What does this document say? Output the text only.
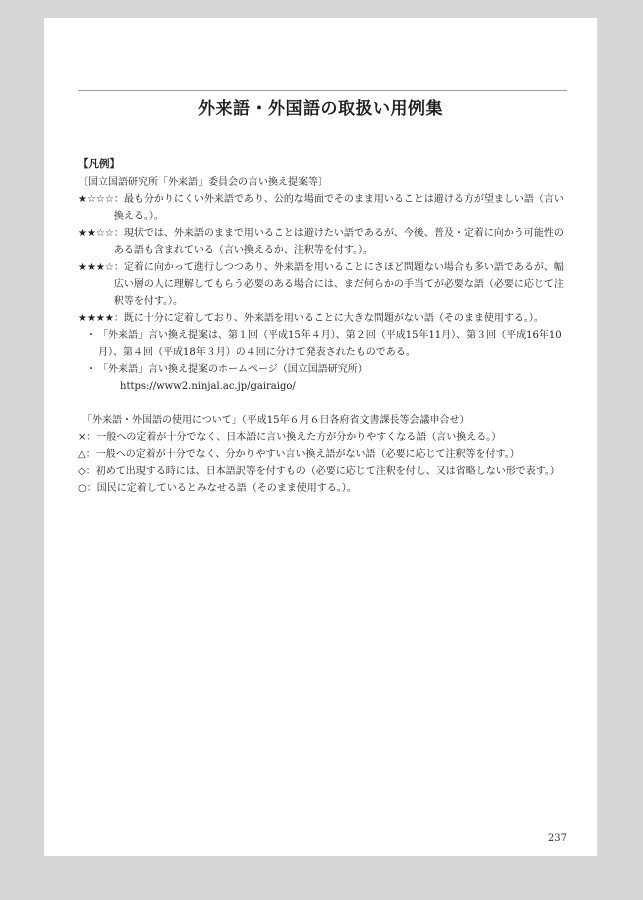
外来語・外国語の取扱い用例集
【凡例】
〔国立国語研究所「外来語」委員会の言い換え提案等〕
★☆☆☆ ：最も分かりにくい外来語であり、公的な場面でそのまま用いることは避ける方が望ましい語（言い換える。）。
★★☆☆ ：現状では、外来語のままで用いることは避けたい語であるが、今後、普及・定着に向かう可能性のある語も含まれている（言い換えるか、注釈等を付す。）。
★★★☆ ：定着に向かって進行しつつあり、外来語を用いることにさほど問題ない場合も多い語であるが、幅広い層の人に理解してもらう必要のある場合には、まだ何らかの手当てが必要な語（必要に応じて注釈等を付す。）。
★★★★ ：既に十分に定着しており、外来語を用いることに大きな問題がない語（そのまま使用する。）。
・ 「外来語」言い換え提案は、第１回（平成15年４月）、第２回（平成15年11月）、第３回（平成16年10月）、第４回（平成18年３月）の４回に分けて発表されたものである。
・ 「外来語」言い換え提案のホームページ（国立国語研究所）
https://www2.ninjal.ac.jp/gairaigo/
「外来語・外国語の使用について」（平成15年６月６日各府省文書課長等会議申合せ）
× ：一般への定着が十分でなく、日本語に言い換えた方が分かりやすくなる語（言い換える。）
△ ：一般への定着が十分でなく、分かりやすい言い換え語がない語（必要に応じて注釈等を付す。）
◇ ：初めて出現する時には、日本語訳等を付すもの（必要に応じて注釈を付し、又は省略しない形で表す。）
○ ：国民に定着しているとみなせる語（そのまま使用する。）。
237
